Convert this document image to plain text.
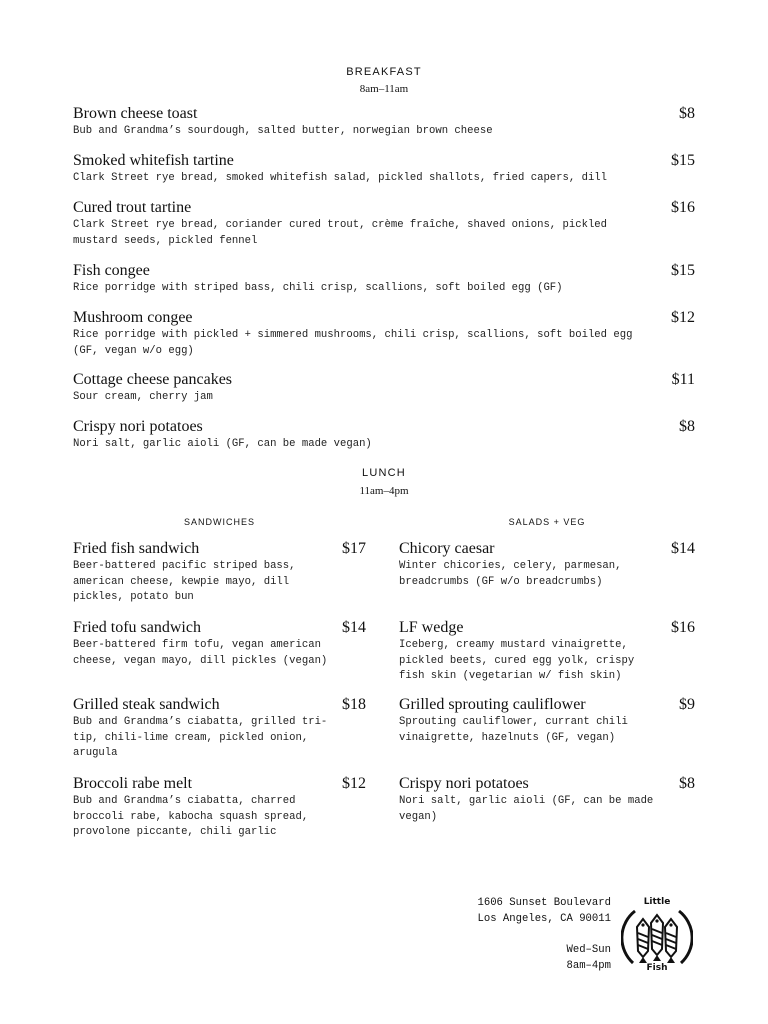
BREAKFAST
8am–11am
Brown cheese toast	$8
Bub and Grandma’s sourdough, salted butter, norwegian brown cheese
Smoked whitefish tartine	$15
Clark Street rye bread, smoked whitefish salad, pickled shallots, fried capers, dill
Cured trout tartine	$16
Clark Street rye bread, coriander cured trout, crème fraîche, shaved onions, pickled mustard seeds, pickled fennel
Fish congee	$15
Rice porridge with striped bass, chili crisp, scallions, soft boiled egg (GF)
Mushroom congee	$12
Rice porridge with pickled + simmered mushrooms, chili crisp, scallions, soft boiled egg (GF, vegan w/o egg)
Cottage cheese pancakes	$11
Sour cream, cherry jam
Crispy nori potatoes	$8
Nori salt, garlic aioli (GF, can be made vegan)
LUNCH
11am–4pm
SANDWICHES	SALADS + VEG
Fried fish sandwich	$17
Beer-battered pacific striped bass, american cheese, kewpie mayo, dill pickles, potato bun
Fried tofu sandwich	$14
Beer-battered firm tofu, vegan american cheese, vegan mayo, dill pickles (vegan)
Grilled steak sandwich	$18
Bub and Grandma’s ciabatta, grilled tri-tip, chili-lime cream, pickled onion, arugula
Broccoli rabe melt	$12
Bub and Grandma’s ciabatta, charred broccoli rabe, kabocha squash spread, provolone piccante, chili garlic
Chicory caesar	$14
Winter chicories, celery, parmesan, breadcrumbs (GF w/o breadcrumbs)
LF wedge	$16
Iceberg, creamy mustard vinaigrette, pickled beets, cured egg yolk, crispy fish skin (vegetarian w/ fish skin)
Grilled sprouting cauliflower	$9
Sprouting cauliflower, currant chili vinaigrette, hazelnuts (GF, vegan)
Crispy nori potatoes	$8
Nori salt, garlic aioli (GF, can be made vegan)
1606 Sunset Boulevard
Los Angeles, CA 90011
Wed–Sun
8am–4pm
Little
Fish
